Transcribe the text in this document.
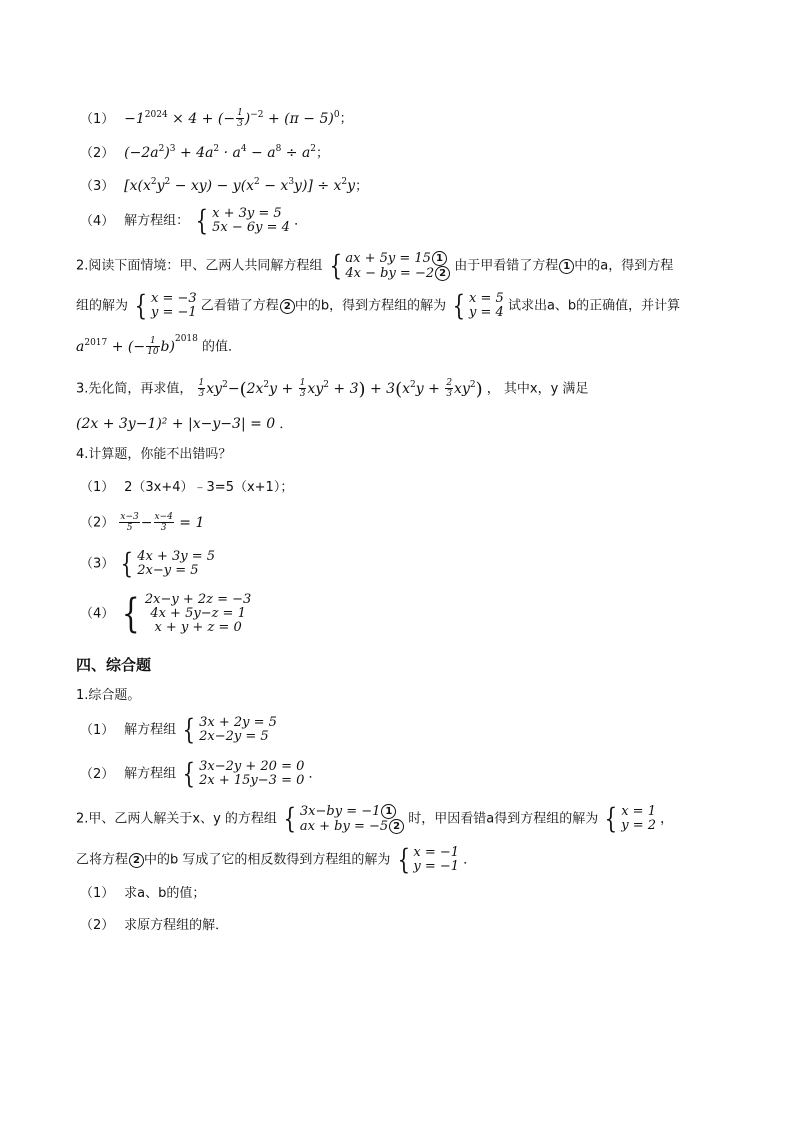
$(1) -1^{2024} \times 4$ + (− $\frac{1}{3} )^{-2} + (\pi - 5)^0$；
（2） $(-2a^2)^3 + 4a^2 \cdot a^4 - a^8 \div a^2$；
（3） $[x(x^2y^2 - xy) - y(x^2 - x^3y)] \div x^2y$；
（4） 解方程组： { x + 3y = 5
5x − 6y = 4 ．
2.阅读下面情境：甲、乙两人共同解方程组 { ax + 5y = 15 1
4x − by = −2 2 由于甲看错了方程 1 中的a，得到方程
组的解为 { x = −3
y = −1 乙看错了方程 2 中的b，得到方程组的解为 { x = 5
y = 4 试求出a、b的正确值，并计算
$a^{2017}$ + (− $\frac{1}{10} b)^{2018}$ 的值．
3.先化简，再求值， $\frac{1}{3} xy^2-(2x^2y + \frac{1}{3} xy^2 + 3) + 3(x^2y + \frac{2}{3} xy^2)$ ， 其中x，y 满足
(2x + 3y−1)² + |x−y−3| = 0 ．
4.计算题，你能不出错吗？
（1） 2（3x+4）﹣3=5（x+1）；
$(2) \frac{x-3}{5} - \frac{x-4}{3} = 1$
（3） { 4x + 3y = 5
2x−y = 5
（4） { 2x−y + 2z = −3
4x + 5y−z = 1
x + y + z = 0
四、综合题
1.综合题。
（1） 解方程组 { 3x + 2y = 5
2x−2y = 5
（2） 解方程组 { 3x−2y + 20 = 0
2x + 15y−3 = 0 ．
2.甲、乙两人解关于x、y 的方程组 { 3x−by = −1 1
ax + by = −5 2 时，甲因看错a得到方程组的解为 { x = 1
y = 2 ，
乙将方程 2 中的b 写成了它的相反数得到方程组的解为 { x = −1
y = −1 ．
（1） 求a、b的值；
（2） 求原方程组的解．
